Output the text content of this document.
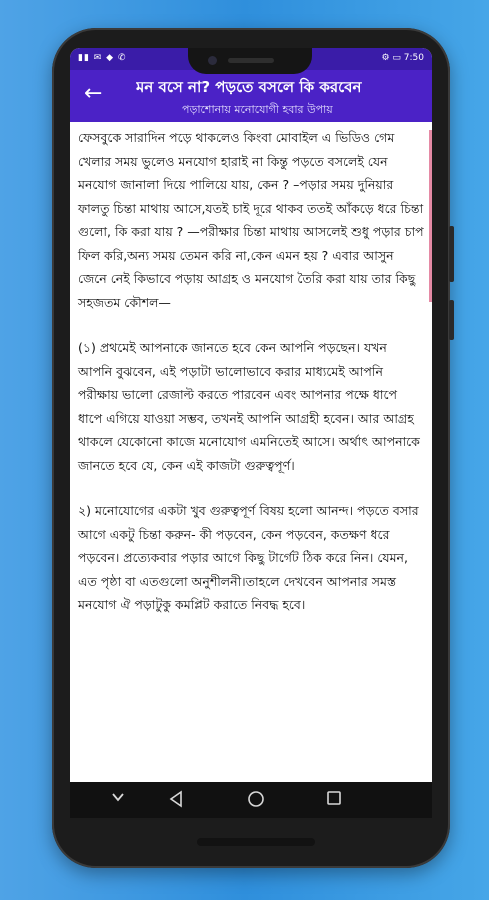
▮▮ ✉ ◆ ✆	⚙ ▭ 7:50
← মন বসে না? পড়তে বসলে কি করবেন
পড়াশোনায় মনোযোগী হবার উপায়

ফেসবুকে সারাদিন পড়ে থাকলেও কিংবা মোবাইল এ ভিডিও গেম খেলার সময় ভুলেও মনযোগ হারাই না কিন্তু পড়তে বসলেই যেন মনযোগ জানালা দিয়ে পালিয়ে যায়, কেন ? –পড়ার সময় দুনিয়ার ফালতু চিন্তা মাথায় আসে,যতই চাই দূরে থাকব ততই আঁকড়ে ধরে চিন্তা গুলো, কি করা যায় ? —পরীক্ষার চিন্তা মাথায় আসলেই শুধু পড়ার চাপ ফিল করি,অন্য সময় তেমন করি না,কেন এমন হয় ? এবার আসুন জেনে নেই কিভাবে পড়ায় আগ্রহ ও মনযোগ তৈরি করা যায় তার কিছু সহজতম কৌশল—

(১) প্রথমেই আপনাকে জানতে হবে কেন আপনি পড়ছেন। যখন আপনি বুঝবেন, এই পড়াটা ভালোভাবে করার মাধ্যমেই আপনি পরীক্ষায় ভালো রেজাল্ট করতে পারবেন এবং আপনার পক্ষে ধাপে ধাপে এগিয়ে যাওয়া সম্ভব, তখনই আপনি আগ্রহী হবেন। আর আগ্রহ থাকলে যেকোনো কাজে মনোযোগ এমনিতেই আসে। অর্থাৎ আপনাকে জানতে হবে যে, কেন এই কাজটা গুরুত্বপূর্ণ।

২) মনোযোগের একটা খুব গুরুত্বপূর্ণ বিষয় হলো আনন্দ। পড়তে বসার আগে একটু চিন্তা করুন- কী পড়বেন, কেন পড়বেন, কতক্ষণ ধরে পড়বেন। প্রত্যেকবার পড়ার আগে কিছু টার্গেট ঠিক করে নিন। যেমন, এত পৃষ্ঠা বা এতগুলো অনুশীলনী।তাহলে দেখবেন আপনার সমস্ত মনযোগ ঐ পড়াটুকু কমপ্লিট করাতে নিবদ্ধ হবে।
